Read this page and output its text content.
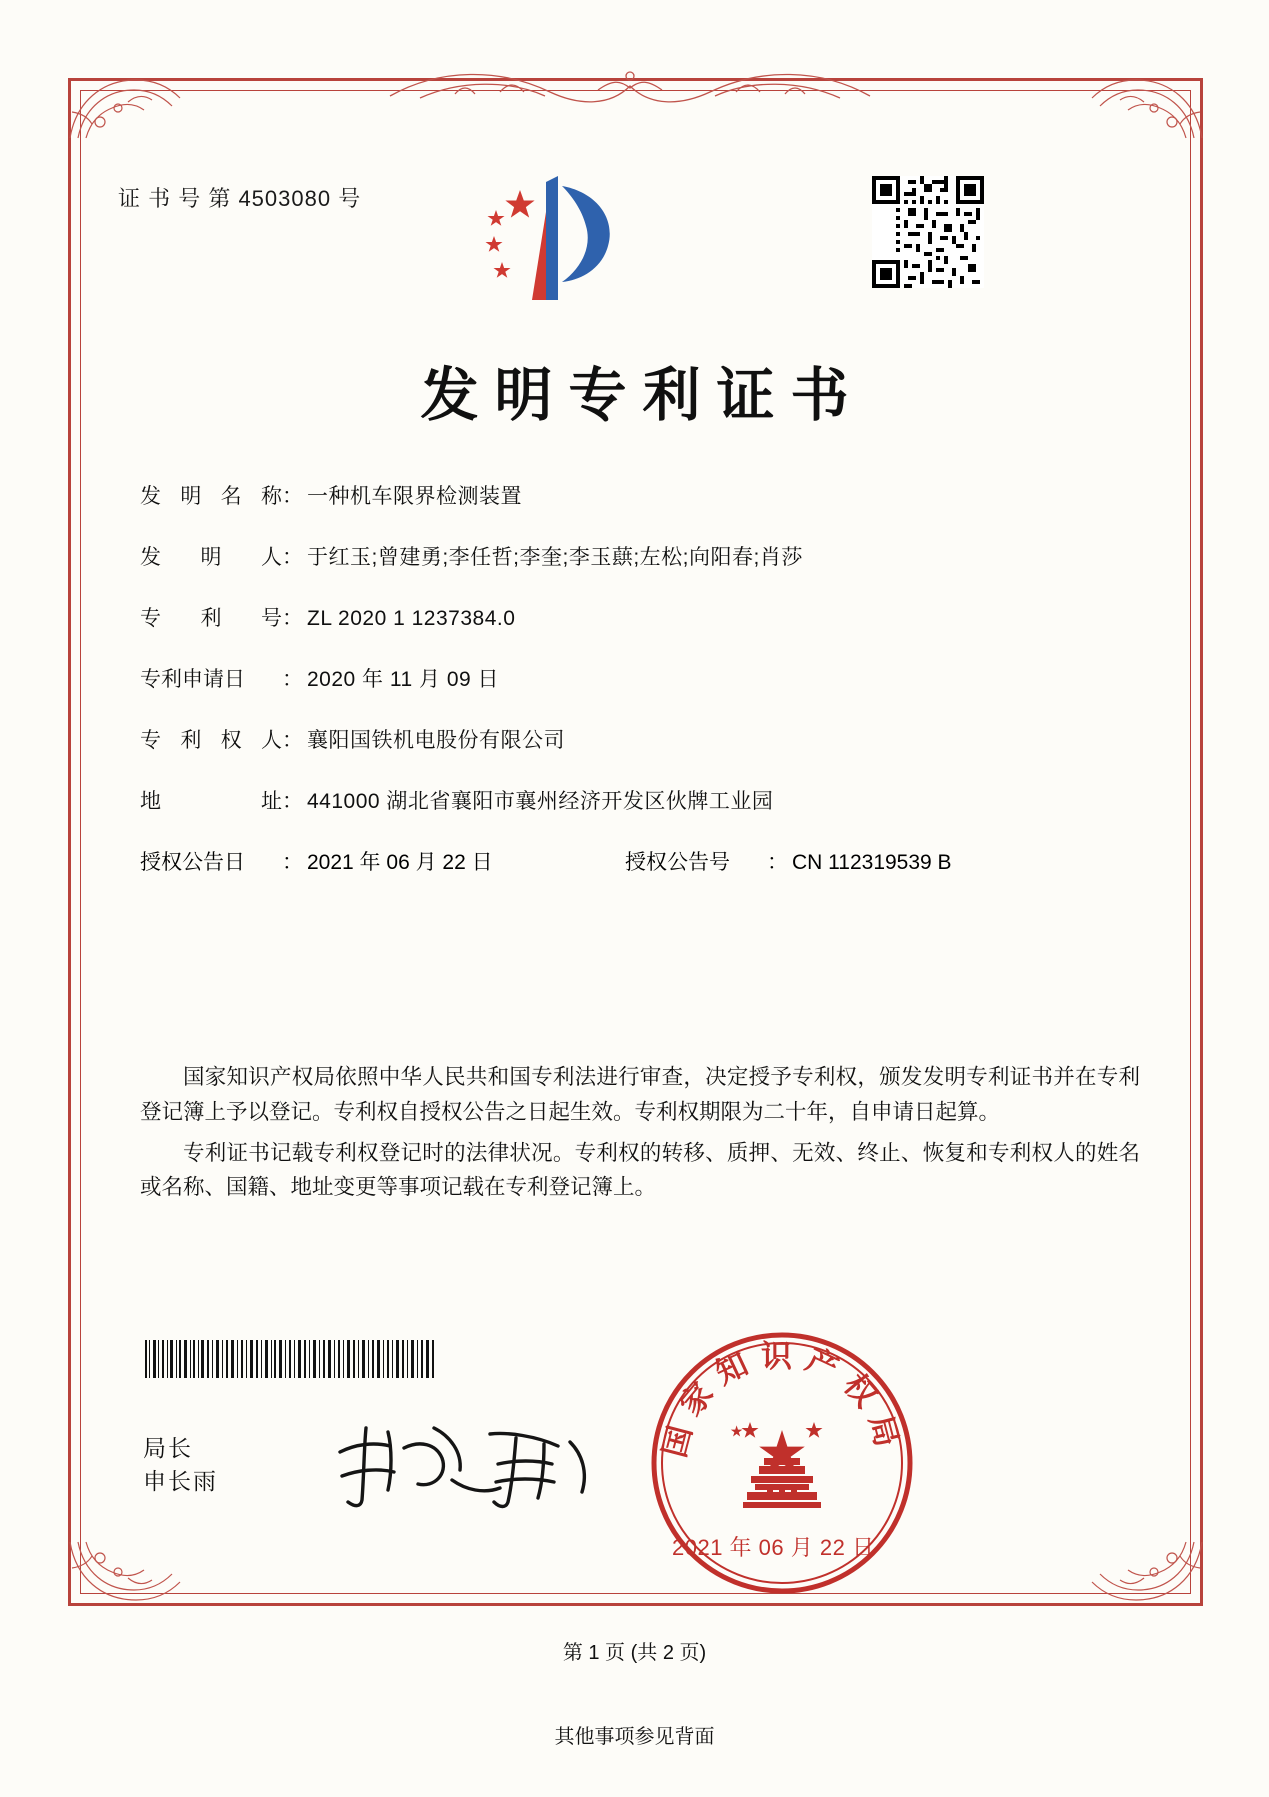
证 书 号 第 4503080 号
发明专利证书
发 明 名 称 ： 一种机车限界检测装置
发 明 人 ： 于红玉;曾建勇;李任哲;李奎;李玉蕻;左松;向阳春;肖莎
专 利 号 ： ZL 2020 1 1237384.0
专利申请日 ： 2020 年 11 月 09 日
专 利 权 人 ： 襄阳国铁机电股份有限公司
地	址 ： 441000 湖北省襄阳市襄州经济开发区伙牌工业园
授权公告日 ： 2021 年 06 月 22 日	授权公告号 ： CN 112319539 B

国家知识产权局依照中华人民共和国专利法进行审查，决定授予专利权，颁发发明专利证书并在专利登记簿上予以登记。专利权自授权公告之日起生效。专利权期限为二十年，自申请日起算。

专利证书记载专利权登记时的法律状况。专利权的转移、质押、无效、终止、恢复和专利权人的姓名或名称、国籍、地址变更等事项记载在专利登记簿上。

局长
申长雨
国家知识产权局
2021 年 06 月 22 日
第 1 页 (共 2 页)
其他事项参见背面
